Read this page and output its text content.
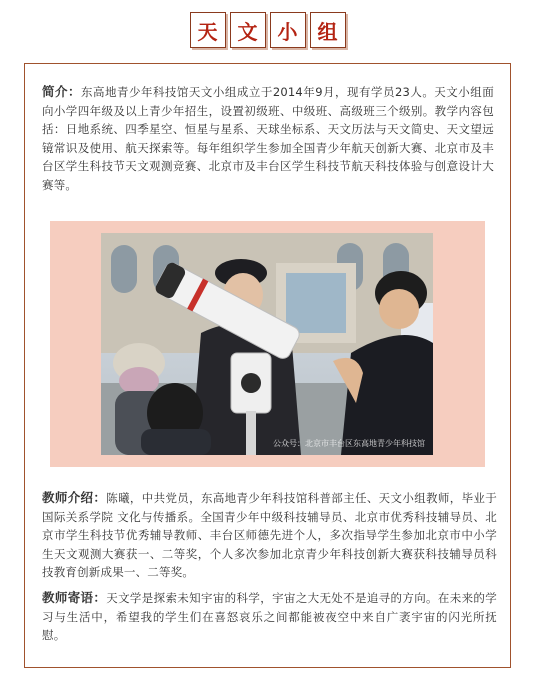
天	文	小	组
简介：东高地青少年科技馆天文小组成立于2014年9月，现有学员23人。天文小组面向小学四年级及以上青少年招生，设置初级班、中级班、高级班三个级别。教学内容包括：日地系统、四季星空、恒星与星系、天球坐标系、天文历法与天文简史、天文望远镜常识及使用、航天探索等。每年组织学生参加全国青少年航天创新大赛、北京市及丰台区学生科技节天文观测竞赛、北京市及丰台区学生科技节航天科技体验与创意设计大赛等。
公众号：北京市丰台区东高地青少年科技馆
教师介绍：陈曦，中共党员，东高地青少年科技馆科普部主任、天文小组教师，毕业于国际关系学院 文化与传播系。全国青少年中级科技辅导员、北京市优秀科技辅导员、北京市学生科技节优秀辅导教师、丰台区师德先进个人，多次指导学生参加北京市中小学生天文观测大赛获一、二等奖，个人多次参加北京青少年科技创新大赛获科技辅导员科技教育创新成果一、二等奖。
教师寄语：天文学是探索未知宇宙的科学，宇宙之大无处不是追寻的方向。在未来的学习与生活中，希望我的学生们在喜怒哀乐之间都能被夜空中来自广袤宇宙的闪光所抚慰。
